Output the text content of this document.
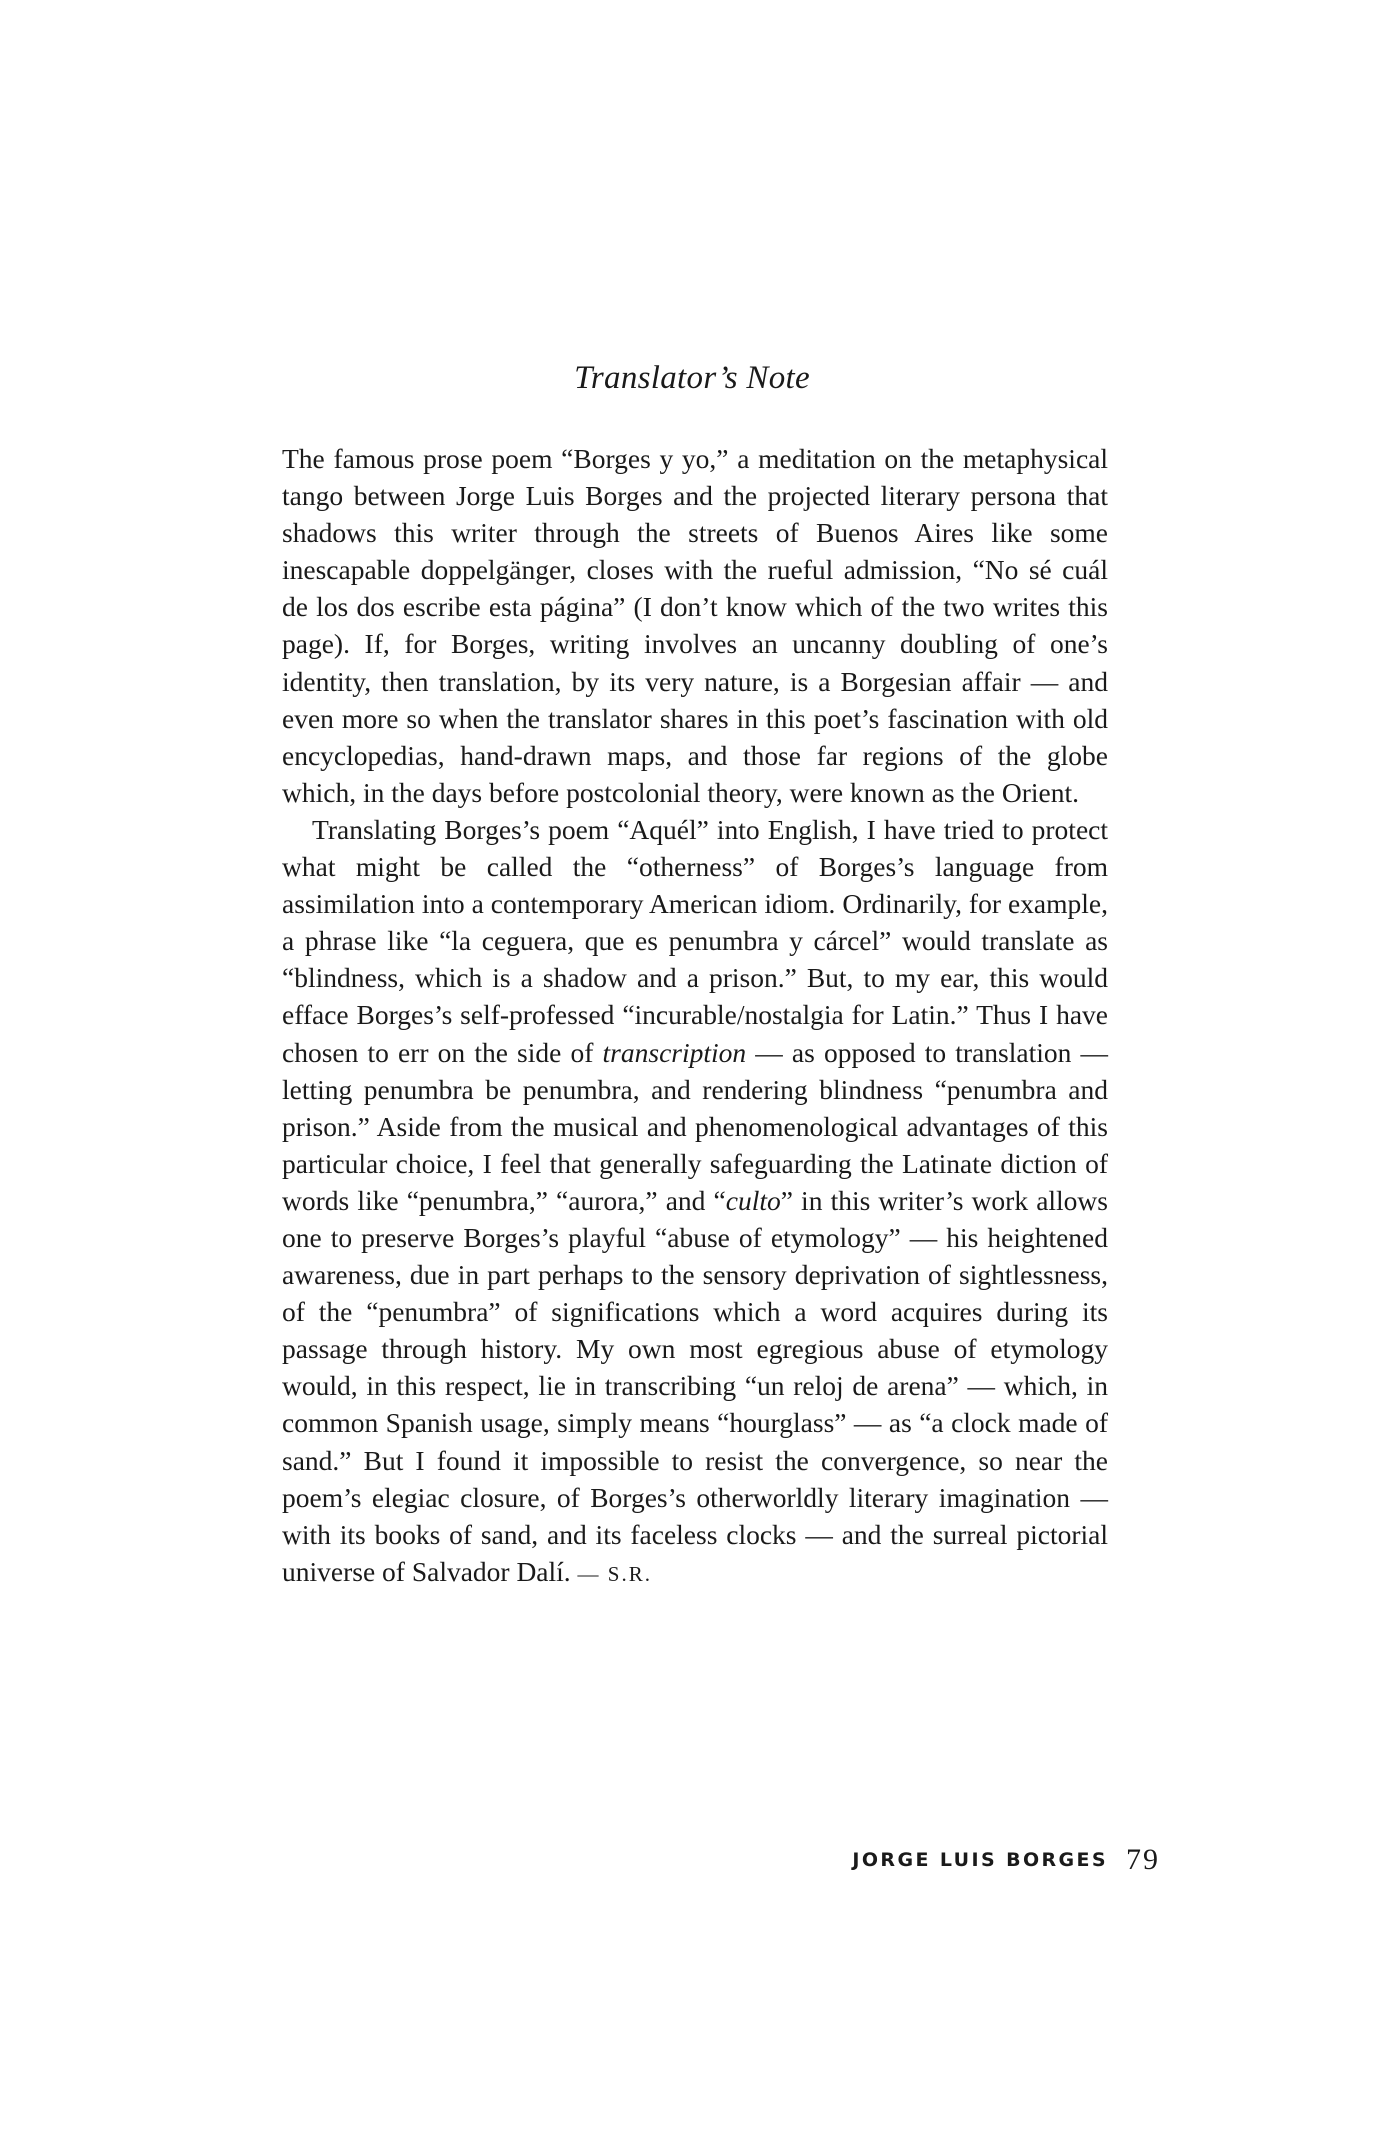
Translator’s Note

The famous prose poem “Borges y yo,” a meditation on the metaphysical tango between Jorge Luis Borges and the projected literary persona that shadows this writer through the streets of Buenos Aires like some inescapable doppelgänger, closes with the rueful admission, “No sé cuál de los dos escribe esta página” (I don’t know which of the two writes this page). If, for Borges, writing involves an uncanny doubling of one’s identity, then translation, by its very nature, is a Borgesian affair — and even more so when the translator shares in this poet’s fascination with old encyclopedias, hand-drawn maps, and those far regions of the globe which, in the days before postcolonial theory, were known as the Orient.

Translating Borges’s poem “Aquél” into English, I have tried to protect what might be called the “otherness” of Borges’s language from assimilation into a contemporary American idiom. Ordinarily, for example, a phrase like “la ceguera, que es penumbra y cárcel” would translate as “blindness, which is a shadow and a prison.” But, to my ear, this would efface Borges’s self-professed “incurable/nostalgia for Latin.” Thus I have chosen to err on the side of transcription — as opposed to translation — letting penumbra be penumbra, and rendering blindness “penumbra and prison.” Aside from the musical and phenomenological advantages of this particular choice, I feel that generally safeguarding the Latinate diction of words like “penumbra,” “aurora,” and “culto” in this writer’s work allows one to preserve Borges’s playful “abuse of etymology” — his heightened awareness, due in part perhaps to the sensory deprivation of sightlessness, of the “penumbra” of significations which a word acquires during its passage through history. My own most egregious abuse of etymology would, in this respect, lie in transcribing “un reloj de arena” — which, in common Spanish usage, simply means “hourglass” — as “a clock made of sand.” But I found it impossible to resist the convergence, so near the poem’s elegiac closure, of Borges’s otherworldly literary imagination — with its books of sand, and its faceless clocks — and the surreal pictorial universe of Salvador Dalí. — S.R.

JORGE LUIS BORGES 79
